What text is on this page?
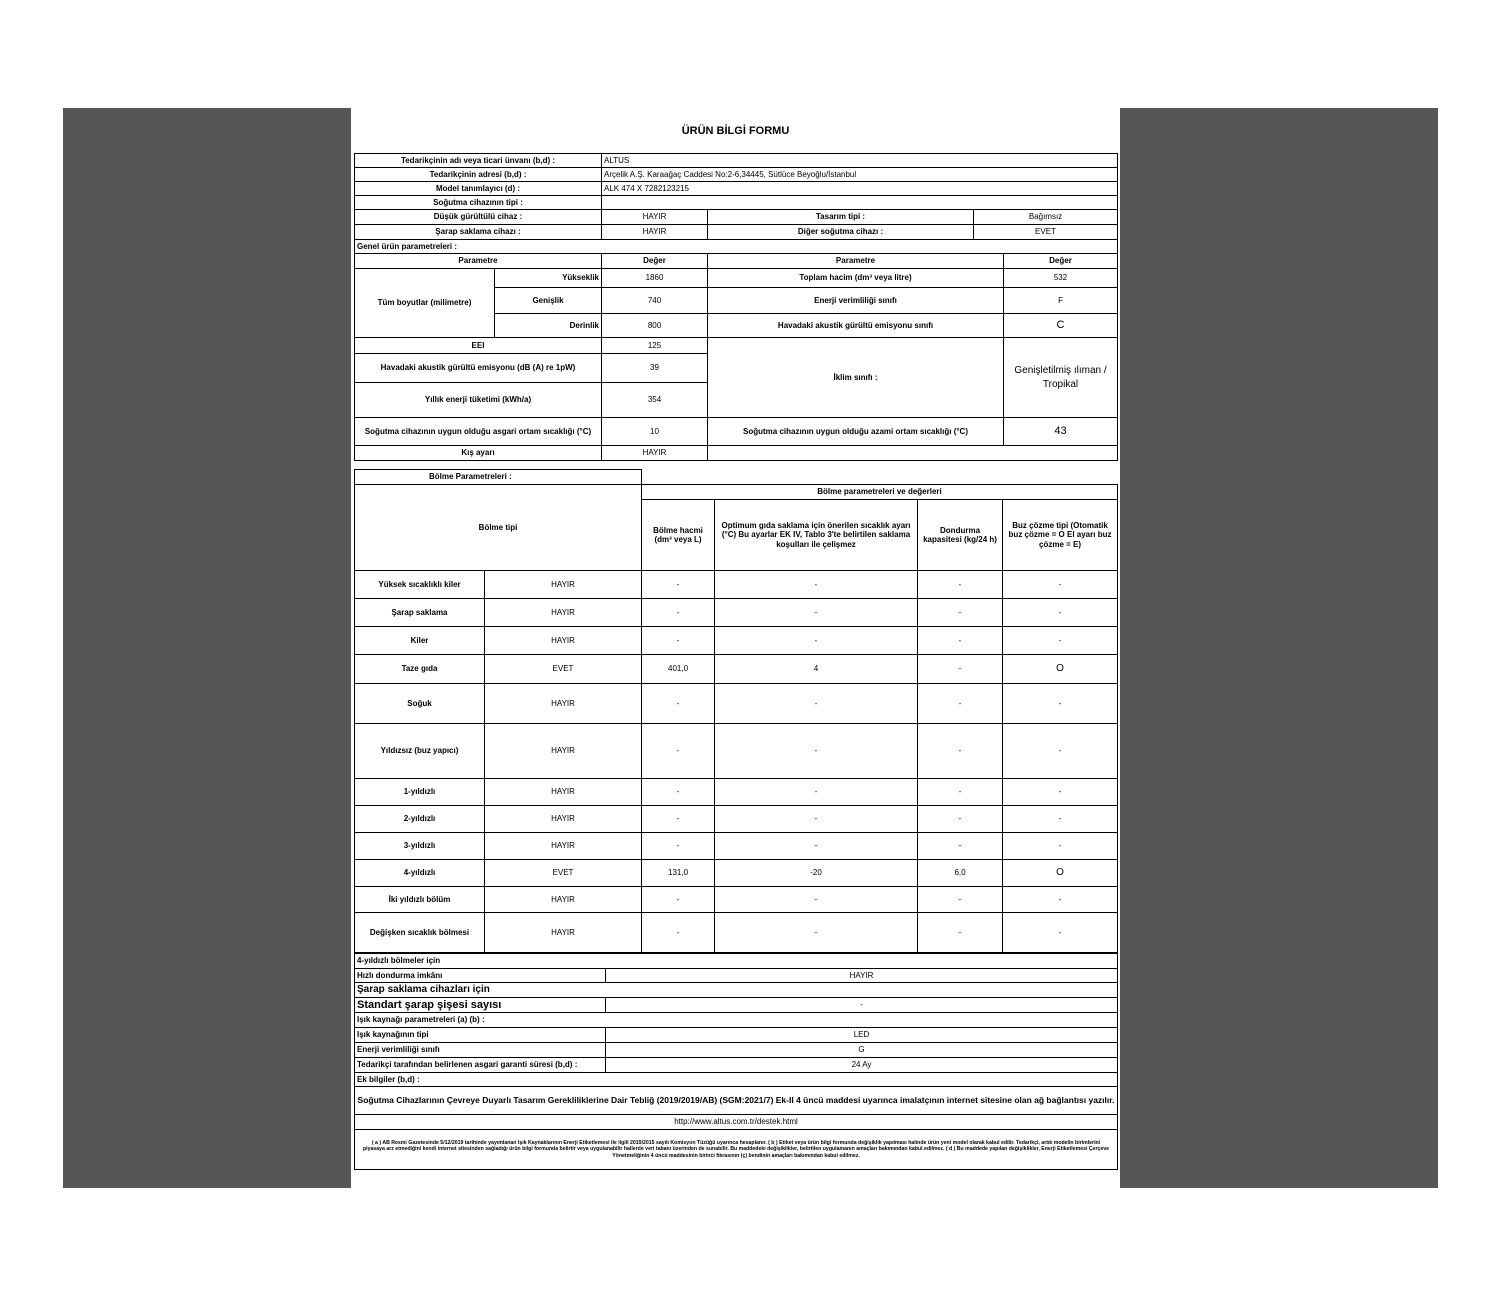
ÜRÜN BİLGİ FORMU
Tedarikçinin adı veya ticari ünvanı (b,d) :		ALTUS			
Tedarikçinin adresi (b,d) :		Arçelik A.Ş. Karaağaç Caddesi No:2-6,34445, Sütlüce Beyoğlu/İstanbul			
Model tanımlayıcı (d) :		ALK 474 X 7282123215			
Soğutma cihazının tipi :					
Düşük gürültülü cihaz :		HAYIR	Tasarım tipi :	Bağımsız	
Şarap saklama cihazı :		HAYIR	Diğer soğutma cihazı :	EVET	
Genel ürün parametreleri :					
Parametre		Değer	Parametre		Değer
Tüm boyutlar (milimetre)	Yükseklik	1860	Toplam hacim (dm³ veya litre)		532
	Genişlik	740	Enerji verimliliği sınıfı		F
	Derinlik	800	Havadaki akustik gürültü emisyonu sınıfı		C
EEI		125	İklim sınıfı :		Genişletilmiş ılıman / Tropikal
Havadaki akustik gürültü emisyonu (dB (A) re 1pW)		39			
Yıllık enerji tüketimi (kWh/a)		354			
Soğutma cihazının uygun olduğu asgari ortam sıcaklığı (°C)		10	Soğutma cihazının uygun olduğu azami ortam sıcaklığı (°C)		43
Kış ayarı		HAYIR			
Bölme Parametreleri :					
Bölme tipi		Bölme parametreleri ve değerleri			
		Bölme hacmi (dm³ veya L)	Optimum gıda saklama için önerilen sıcaklık ayarı (°C) Bu ayarlar EK IV, Tablo 3'te belirtilen saklama koşulları ile çelişmez	Dondurma kapasitesi (kg/24 h)	Buz çözme tipi (Otomatik buz çözme = O El ayarı buz çözme = E)
Yüksek sıcaklıklı kiler	HAYIR	-	-	-	-
Şarap saklama	HAYIR	-	-	-	-
Kiler	HAYIR	-	-	-	-
Taze gıda	EVET	401,0	4	-	O
Soğuk	HAYIR	-	-	-	-
Yıldızsız (buz yapıcı)	HAYIR	-	-	-	-
1-yıldızlı	HAYIR	-	-	-	-
2-yıldızlı	HAYIR	-	-	-	-
3-yıldızlı	HAYIR	-	-	-	-
4-yıldızlı	EVET	131,0	-20	6,0	O
İki yıldızlı bölüm	HAYIR	-	-	-	-
Değişken sıcaklık bölmesi	HAYIR	-	-	-	-
4-yıldızlı bölmeler için	
Hızlı dondurma imkânı	HAYIR
Şarap saklama cihazları için	
Standart şarap şişesi sayısı	-
Işık kaynağı parametreleri (a) (b) :	
Işık kaynağının tipi	LED
Enerji verimliliği sınıfı	G
Tedarikçi tarafından belirlenen asgari garanti süresi (b,d) :	24 Ay
Ek bilgiler (b,d) :	
Soğutma Cihazlarının Çevreye Duyarlı Tasarım Gerekliliklerine Dair Tebliğ (2019/2019/AB) (SGM:2021/7) Ek-II 4 üncü maddesi uyarınca imalatçının internet sitesine olan ağ bağlantısı yazılır.	
http://www.altus.com.tr/destek.html	
( a ) AB Resmi Gazetesinde 5/12/2019 tarihinde yayımlanan Işık Kaynaklarının Enerji Etiketlemesi ile ilgili 2019/2015 sayılı Komisyon Tüzüğü uyarınca hesaplanır. ( b ) Etiket veya ürün bilgi formunda değişiklik yapılması halinde ürün yeni model olarak kabul edilir. Tedarikçi, artık modelin birimlerini piyasaya arz etmediğini kendi internet sitesinden sağladığı ürün bilgi formunda belirtir veya uygulanabilir hallerde veri tabanı üzerinden de sunabilir. Bu maddedeki değişiklikler, belirtilen uygulamanın amaçları bakımından kabul edilmez. ( d ) Bu maddede yapılan değişiklikler, Enerji Etiketlemesi Çerçeve Yönetmeliğinin 4 üncü maddesinin birinci fıkrasının (ç) bendinin amaçları bakımından kabul edilmez.	
